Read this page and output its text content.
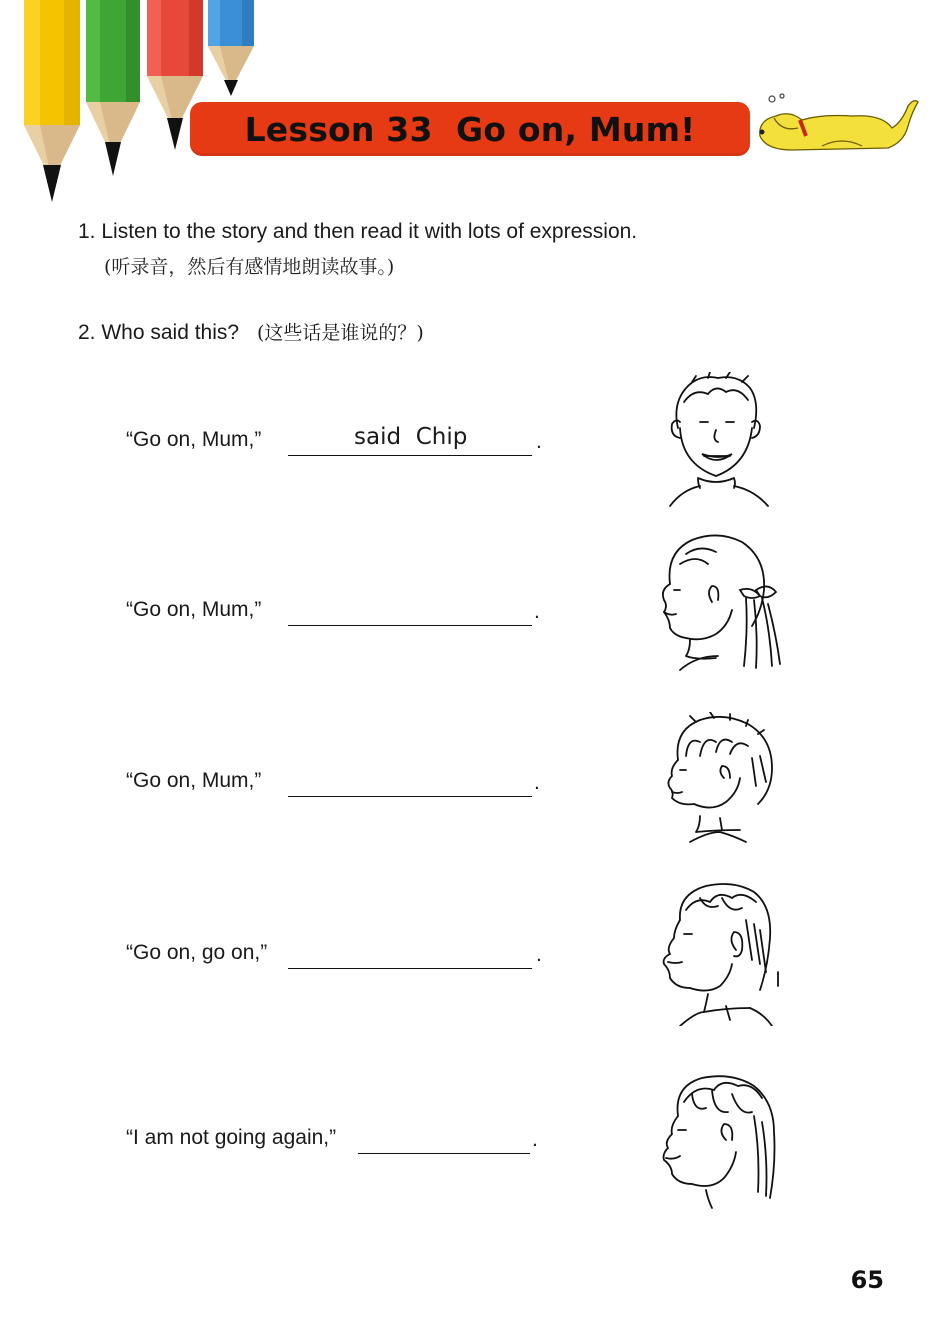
Lesson 33  Go on, Mum!
1. Listen to the story and then read it with lots of expression.
(听录音，然后有感情地朗读故事。)
2. Who said this? (这些话是谁说的？)
“Go on, Mum,”	said  Chip	.
“Go on, Mum,”	.
“Go on, Mum,”	.
“Go on, go on,”	.
“I am not going again,”	.
65
